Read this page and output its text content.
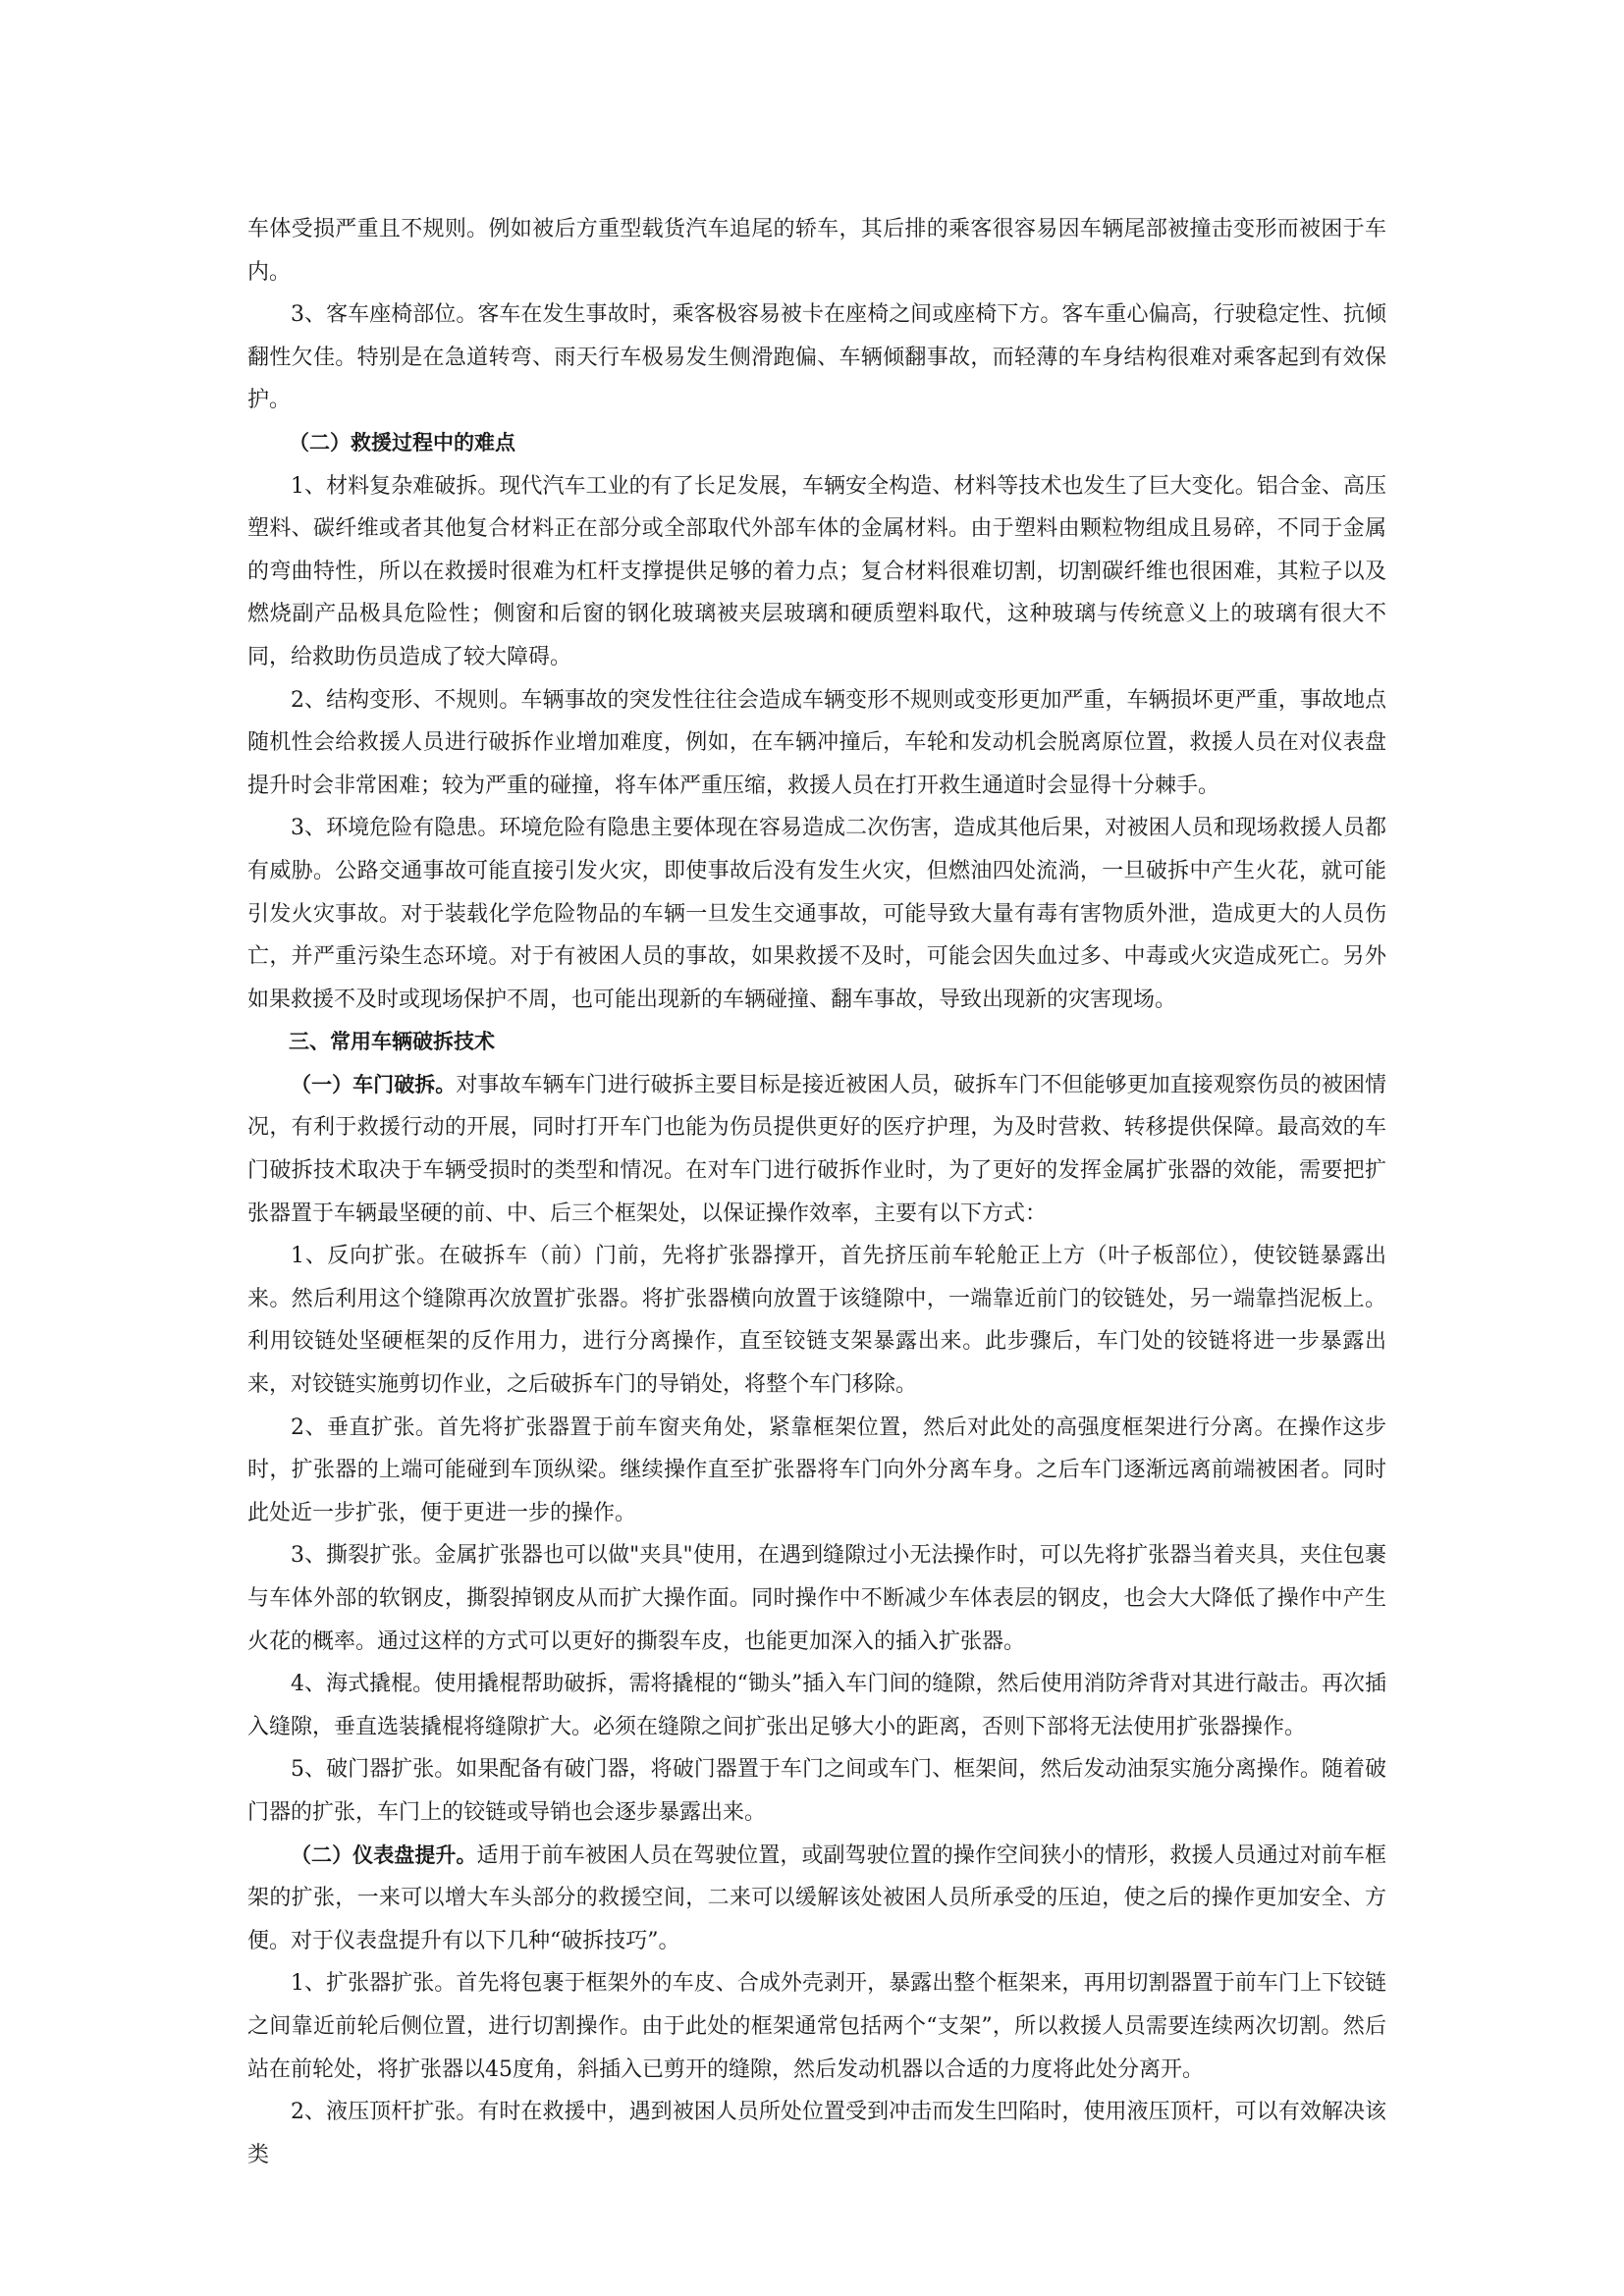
车体受损严重且不规则。例如被后方重型载货汽车追尾的轿车，其后排的乘客很容易因车辆尾部被撞击变形而被困于车内。

3、客车座椅部位。客车在发生事故时，乘客极容易被卡在座椅之间或座椅下方。客车重心偏高，行驶稳定性、抗倾翻性欠佳。特别是在急道转弯、雨天行车极易发生侧滑跑偏、车辆倾翻事故，而轻薄的车身结构很难对乘客起到有效保护。

（二）救援过程中的难点

1、材料复杂难破拆。现代汽车工业的有了长足发展，车辆安全构造、材料等技术也发生了巨大变化。铝合金、高压塑料、碳纤维或者其他复合材料正在部分或全部取代外部车体的金属材料。由于塑料由颗粒物组成且易碎，不同于金属的弯曲特性，所以在救援时很难为杠杆支撑提供足够的着力点；复合材料很难切割，切割碳纤维也很困难，其粒子以及燃烧副产品极具危险性；侧窗和后窗的钢化玻璃被夹层玻璃和硬质塑料取代，这种玻璃与传统意义上的玻璃有很大不同，给救助伤员造成了较大障碍。

2、结构变形、不规则。车辆事故的突发性往往会造成车辆变形不规则或变形更加严重，车辆损坏更严重，事故地点随机性会给救援人员进行破拆作业增加难度，例如，在车辆冲撞后，车轮和发动机会脱离原位置，救援人员在对仪表盘提升时会非常困难；较为严重的碰撞，将车体严重压缩，救援人员在打开救生通道时会显得十分棘手。

3、环境危险有隐患。环境危险有隐患主要体现在容易造成二次伤害，造成其他后果，对被困人员和现场救援人员都有威胁。公路交通事故可能直接引发火灾，即使事故后没有发生火灾，但燃油四处流淌，一旦破拆中产生火花，就可能引发火灾事故。对于装载化学危险物品的车辆一旦发生交通事故，可能导致大量有毒有害物质外泄，造成更大的人员伤亡，并严重污染生态环境。对于有被困人员的事故，如果救援不及时，可能会因失血过多、中毒或火灾造成死亡。另外如果救援不及时或现场保护不周，也可能出现新的车辆碰撞、翻车事故，导致出现新的灾害现场。

三、常用车辆破拆技术

（一）车门破拆。对事故车辆车门进行破拆主要目标是接近被困人员，破拆车门不但能够更加直接观察伤员的被困情况，有利于救援行动的开展，同时打开车门也能为伤员提供更好的医疗护理，为及时营救、转移提供保障。最高效的车门破拆技术取决于车辆受损时的类型和情况。在对车门进行破拆作业时，为了更好的发挥金属扩张器的效能，需要把扩张器置于车辆最坚硬的前、中、后三个框架处，以保证操作效率，主要有以下方式：

1、反向扩张。在破拆车（前）门前，先将扩张器撑开，首先挤压前车轮舱正上方（叶子板部位），使铰链暴露出来。然后利用这个缝隙再次放置扩张器。将扩张器横向放置于该缝隙中，一端靠近前门的铰链处，另一端靠挡泥板上。利用铰链处坚硬框架的反作用力，进行分离操作，直至铰链支架暴露出来。此步骤后，车门处的铰链将进一步暴露出来，对铰链实施剪切作业，之后破拆车门的导销处，将整个车门移除。

2、垂直扩张。首先将扩张器置于前车窗夹角处，紧靠框架位置，然后对此处的高强度框架进行分离。在操作这步时，扩张器的上端可能碰到车顶纵梁。继续操作直至扩张器将车门向外分离车身。之后车门逐渐远离前端被困者。同时此处近一步扩张，便于更进一步的操作。

3、撕裂扩张。金属扩张器也可以做"夹具"使用，在遇到缝隙过小无法操作时，可以先将扩张器当着夹具，夹住包裹与车体外部的软钢皮，撕裂掉钢皮从而扩大操作面。同时操作中不断减少车体表层的钢皮，也会大大降低了操作中产生火花的概率。通过这样的方式可以更好的撕裂车皮，也能更加深入的插入扩张器。

4、海式撬棍。使用撬棍帮助破拆，需将撬棍的“锄头”插入车门间的缝隙，然后使用消防斧背对其进行敲击。再次插入缝隙，垂直选装撬棍将缝隙扩大。必须在缝隙之间扩张出足够大小的距离，否则下部将无法使用扩张器操作。

5、破门器扩张。如果配备有破门器，将破门器置于车门之间或车门、框架间，然后发动油泵实施分离操作。随着破门器的扩张，车门上的铰链或导销也会逐步暴露出来。

（二）仪表盘提升。适用于前车被困人员在驾驶位置，或副驾驶位置的操作空间狭小的情形，救援人员通过对前车框架的扩张，一来可以增大车头部分的救援空间，二来可以缓解该处被困人员所承受的压迫，使之后的操作更加安全、方便。对于仪表盘提升有以下几种“破拆技巧”。

1、扩张器扩张。首先将包裹于框架外的车皮、合成外壳剥开，暴露出整个框架来，再用切割器置于前车门上下铰链之间靠近前轮后侧位置，进行切割操作。由于此处的框架通常包括两个“支架”，所以救援人员需要连续两次切割。然后站在前轮处，将扩张器以45度角，斜插入已剪开的缝隙，然后发动机器以合适的力度将此处分离开。

2、液压顶杆扩张。有时在救援中，遇到被困人员所处位置受到冲击而发生凹陷时，使用液压顶杆，可以有效解决该类
